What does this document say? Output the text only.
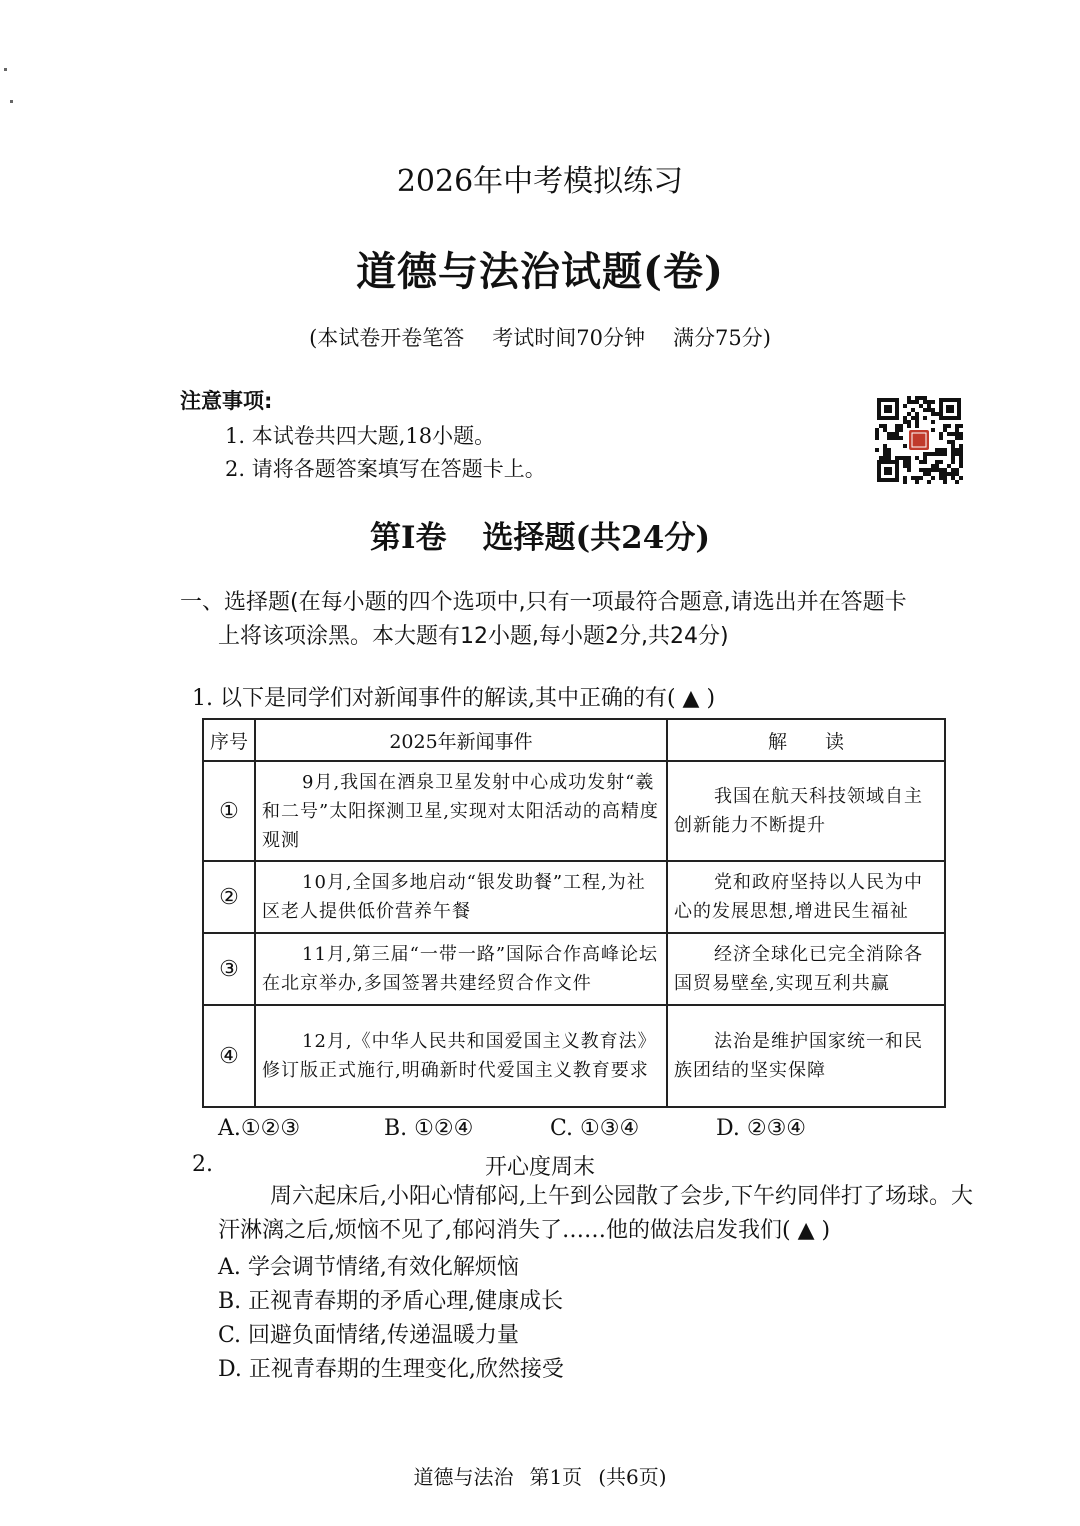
2026年中考模拟练习
道德与法治试题(卷)
(本试卷开卷笔答 考试时间70分钟 满分75分)
注意事项:
1. 本试卷共四大题,18小题。
2. 请将各题答案填写在答题卡上。
第Ⅰ卷 选择题(共24分)
一、选择题(在每小题的四个选项中,只有一项最符合题意,请选出并在答题卡
上将该项涂黑。本大题有12小题,每小题2分,共24分)
1. 以下是同学们对新闻事件的解读,其中正确的有( ▲ )
序号	2025年新闻事件	解　　读
①	9月,我国在酒泉卫星发射中心成功发射“羲和二号”太阳探测卫星,实现对太阳活动的高精度观测	我国在航天科技领域自主创新能力不断提升
②	10月,全国多地启动“银发助餐”工程,为社区老人提供低价营养午餐	党和政府坚持以人民为中心的发展思想,增进民生福祉
③	11月,第三届“一带一路”国际合作高峰论坛在北京举办,多国签署共建经贸合作文件	经济全球化已完全消除各国贸易壁垒,实现互利共赢
④	12月,《中华人民共和国爱国主义教育法》修订版正式施行,明确新时代爱国主义教育要求	法治是维护国家统一和民族团结的坚实保障
A.①②③	B. ①②④	C. ①③④	D. ②③④
2.	开心度周末
周六起床后,小阳心情郁闷,上午到公园散了会步,下午约同伴打了场球。大汗淋漓之后,烦恼不见了,郁闷消失了……他的做法启发我们( ▲ )
A. 学会调节情绪,有效化解烦恼
B. 正视青春期的矛盾心理,健康成长
C. 回避负面情绪,传递温暖力量
D. 正视青春期的生理变化,欣然接受
道德与法治 第1页 (共6页)
